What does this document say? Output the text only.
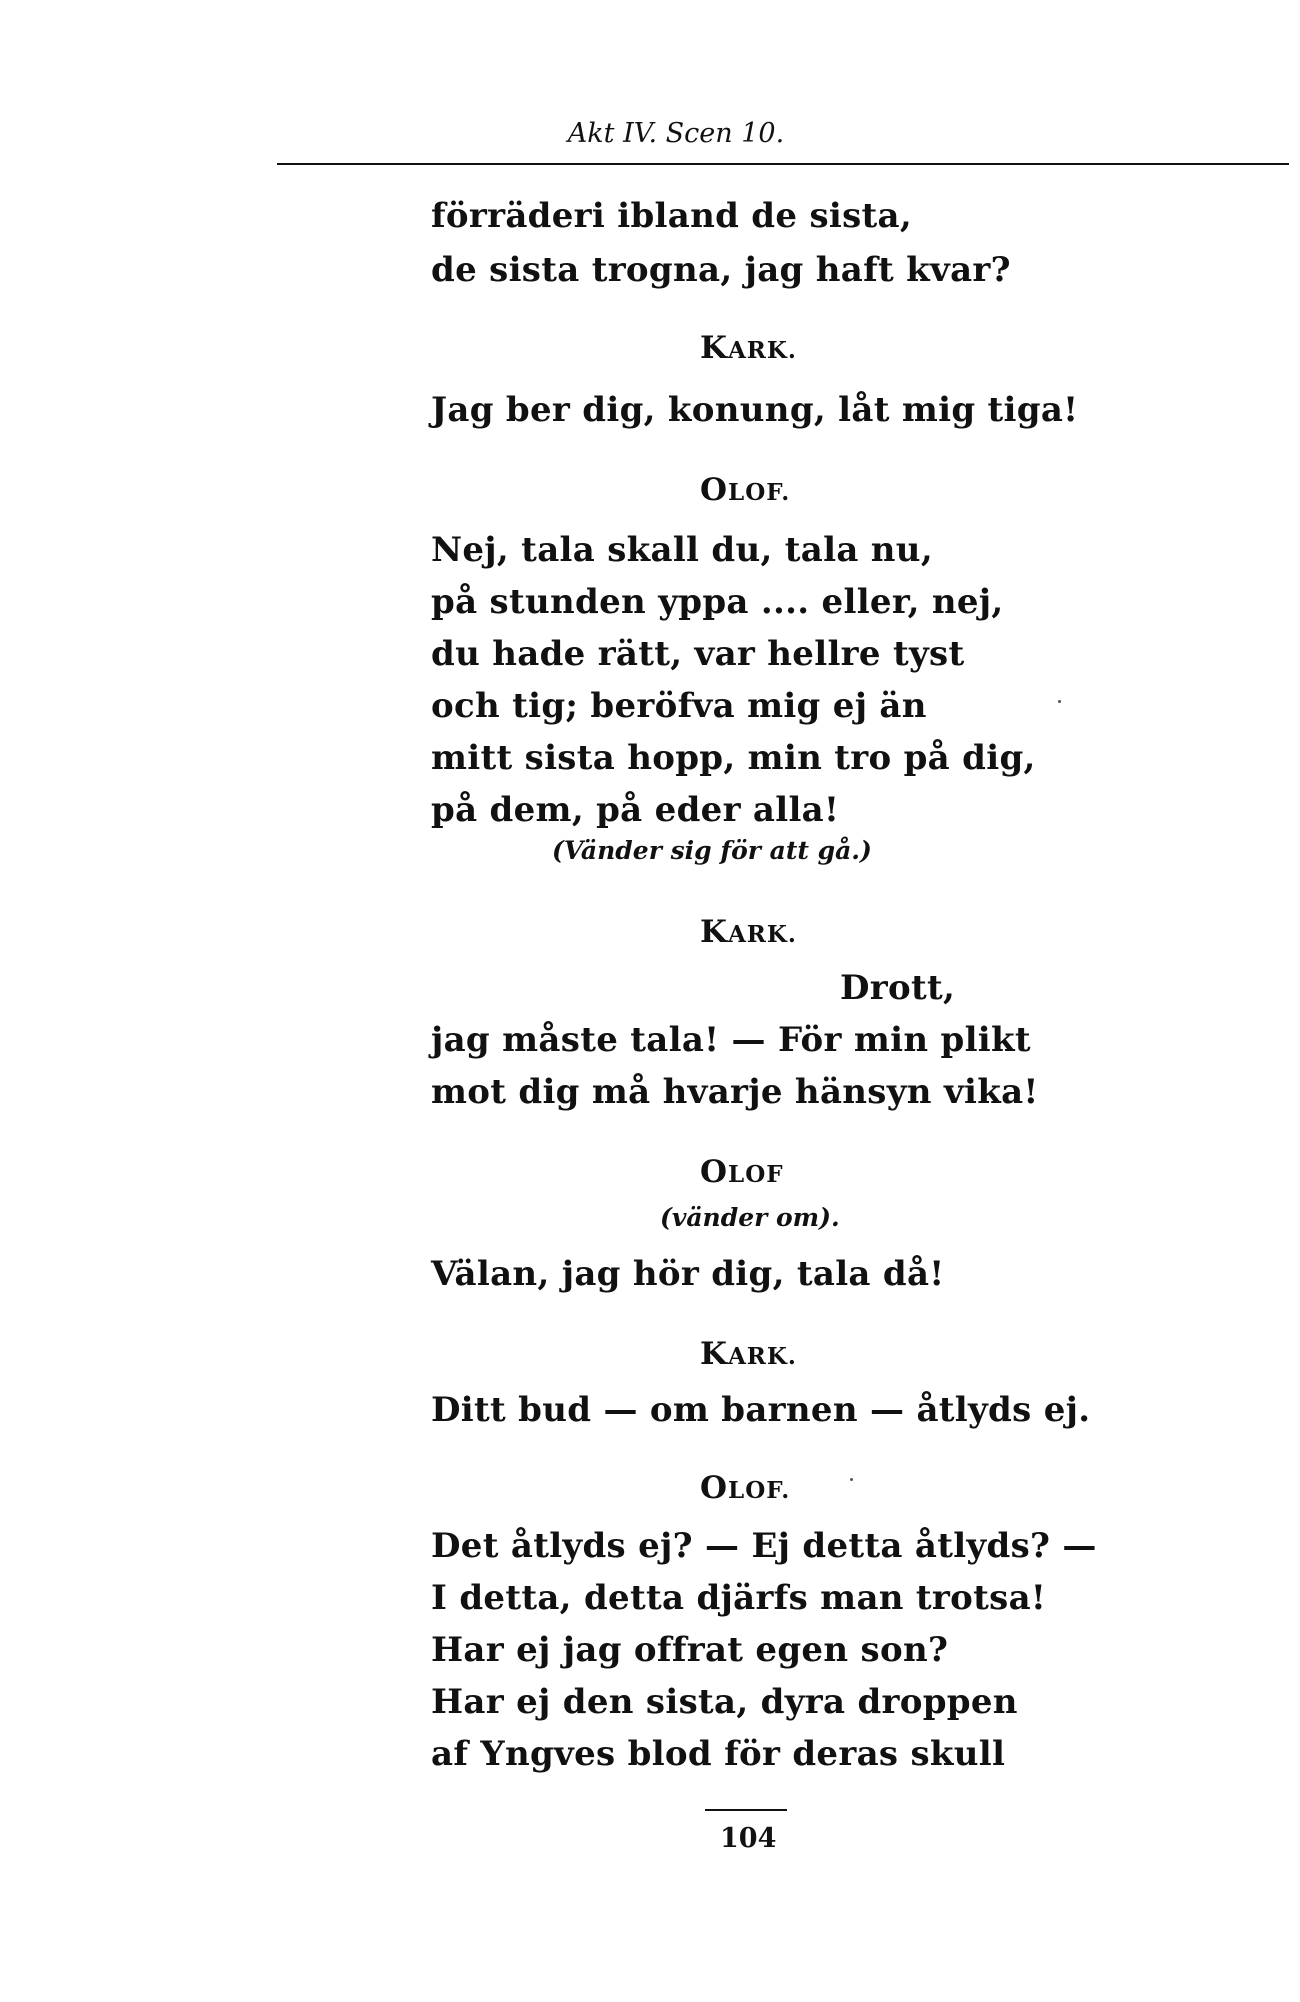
Akt IV. Scen 10.
förräderi ibland de sista,
de sista trogna, jag haft kvar?
KARK.
Jag ber dig, konung, låt mig tiga!
OLOF.
Nej, tala skall du, tala nu,
på stunden yppa .... eller, nej,
du hade rätt, var hellre tyst
och tig; beröfva mig ej än
mitt sista hopp, min tro på dig,
på dem, på eder alla!
(Vänder sig för att gå.)
KARK.
Drott,
jag måste tala! — För min plikt
mot dig må hvarje hänsyn vika!
OLOF
(vänder om).
Välan, jag hör dig, tala då!
KARK.
Ditt bud — om barnen — åtlyds ej.
OLOF.
Det åtlyds ej? — Ej detta åtlyds? —
I detta, detta djärfs man trotsa!
Har ej jag offrat egen son?
Har ej den sista, dyra droppen
af Yngves blod för deras skull
104
